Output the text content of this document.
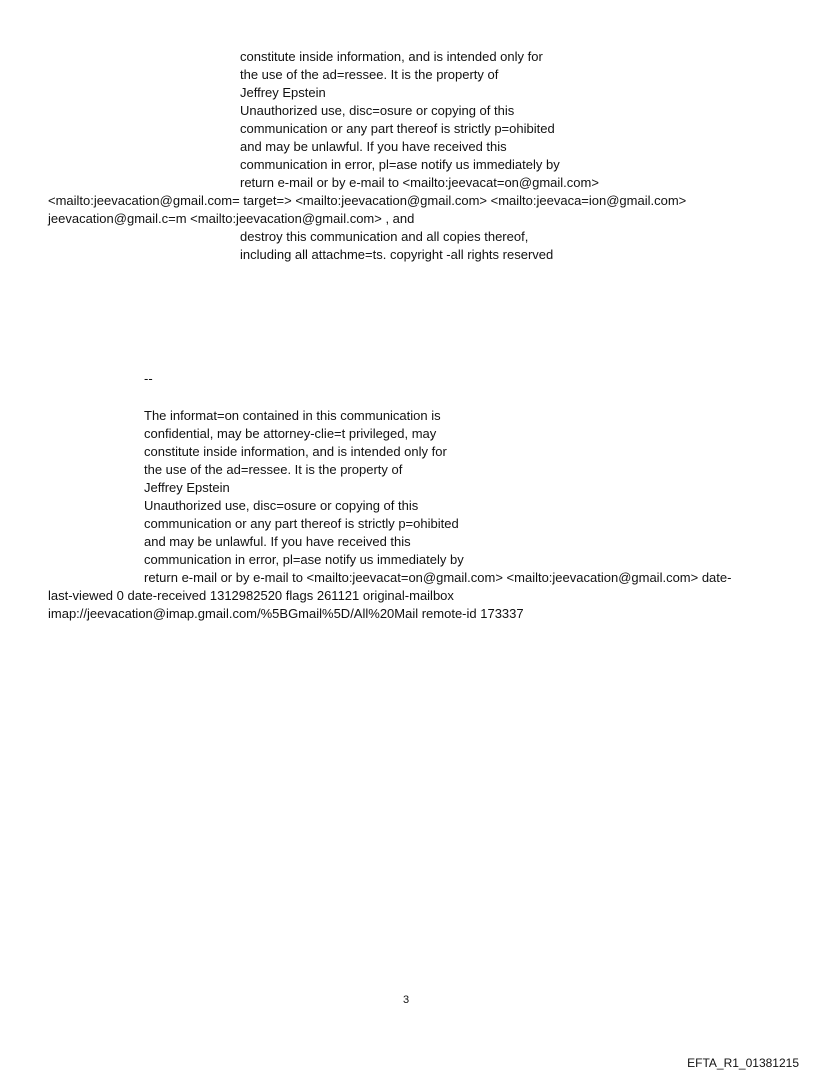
constitute inside information, and is intended only for

the use of the ad=ressee. It is the property of

Jeffrey Epstein

Unauthorized use, disc=osure or copying of this

communication or any part thereof is strictly p=ohibited

and may be unlawful. If you have received this

communication in error, pl=ase notify us immediately by

return e-mail or by e-mail to <mailto:jeevacat=on@gmail.com>

<mailto:jeevacation@gmail.com= target=> <mailto:jeevacation@gmail.com> <mailto:jeevaca=ion@gmail.com>

jeevacation@gmail.c=m <mailto:jeevacation@gmail.com> , and

destroy this communication and all copies thereof,

including all attachme=ts. copyright -all rights reserved

--

The informat=on contained in this communication is

confidential, may be attorney-clie=t privileged, may

constitute inside information, and is intended only for

the use of the ad=ressee. It is the property of

Jeffrey Epstein

Unauthorized use, disc=osure or copying of this

communication or any part thereof is strictly p=ohibited

and may be unlawful. If you have received this

communication in error, pl=ase notify us immediately by

return e-mail or by e-mail to <mailto:jeevacat=on@gmail.com> <mailto:jeevacation@gmail.com> date-

last-viewed 0 date-received 1312982520 flags 261121 original-mailbox

imap://jeevacation@imap.gmail.com/%5BGmail%5D/All%20Mail remote-id 173337

3
EFTA_R1_01381215
